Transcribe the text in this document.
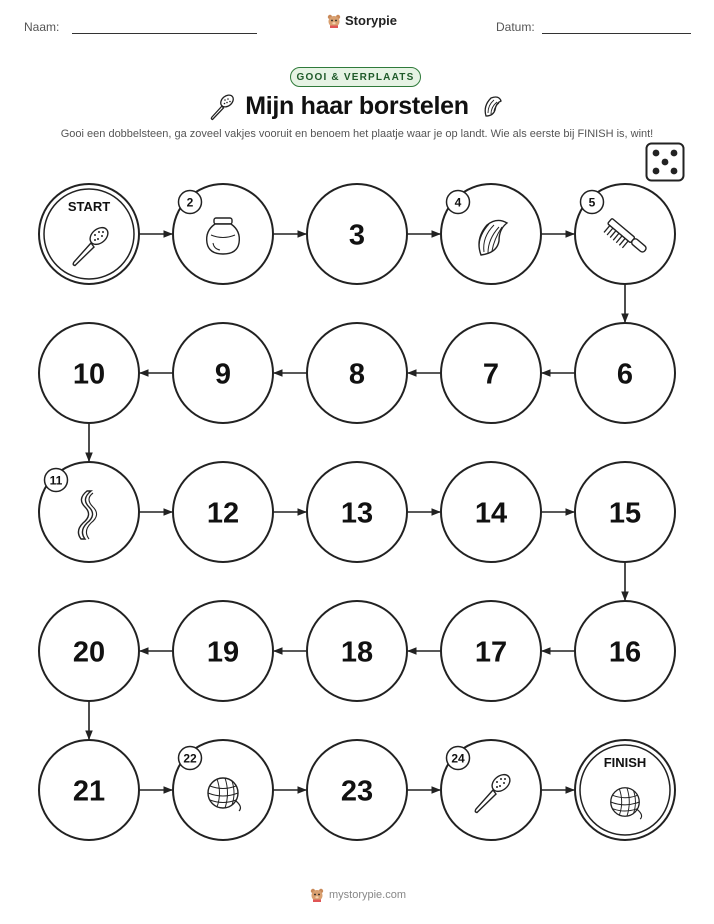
Naam:	Storypie	Datum:
GOOI & VERPLAATS
Mijn haar borstelen
Gooi een dobbelsteen, ga zoveel vakjes vooruit en benoem het plaatje waar je op landt. Wie als eerste bij FINISH is, wint!
START	2
3
4	5
6
7
8
9
10
11
12	13	14	15
16
17
18
19
20
21
22
23
24	FINISH
mystorypie.com
